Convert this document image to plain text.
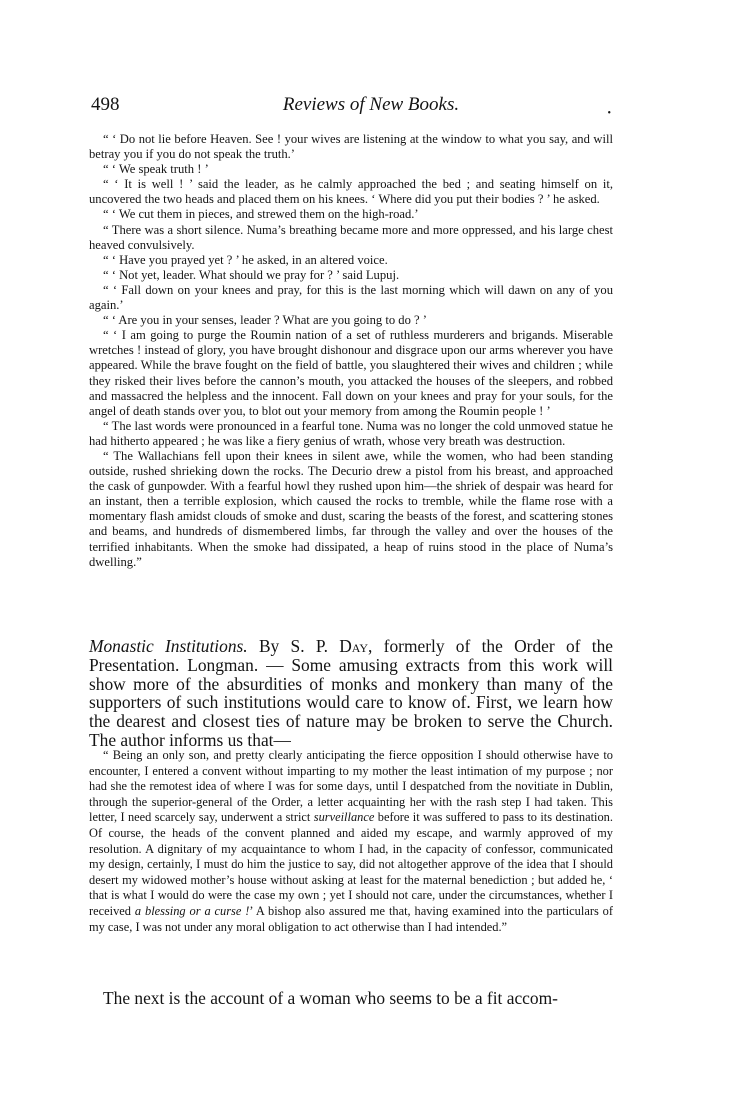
498	Reviews of New Books.	•

“ ‘ Do not lie before Heaven. See ! your wives are listening at the window to what you say, and will betray you if you do not speak the truth.’

“ ‘ We speak truth ! ’

“ ‘ It is well ! ’ said the leader, as he calmly approached the bed ; and seating himself on it, uncovered the two heads and placed them on his knees. ‘ Where did you put their bodies ? ’ he asked.

“ ‘ We cut them in pieces, and strewed them on the high-road.’

“ There was a short silence. Numa’s breathing became more and more oppressed, and his large chest heaved convulsively.

“ ‘ Have you prayed yet ? ’ he asked, in an altered voice.

“ ‘ Not yet, leader. What should we pray for ? ’ said Lupuj.

“ ‘ Fall down on your knees and pray, for this is the last morning which will dawn on any of you again.’

“ ‘ Are you in your senses, leader ? What are you going to do ? ’

“ ‘ I am going to purge the Roumin nation of a set of ruthless murderers and brigands. Miserable wretches ! instead of glory, you have brought dishonour and disgrace upon our arms wherever you have appeared. While the brave fought on the field of battle, you slaughtered their wives and children ; while they risked their lives before the cannon’s mouth, you attacked the houses of the sleepers, and robbed and massacred the helpless and the innocent. Fall down on your knees and pray for your souls, for the angel of death stands over you, to blot out your memory from among the Roumin people ! ’

“ The last words were pronounced in a fearful tone. Numa was no longer the cold unmoved statue he had hitherto appeared ; he was like a fiery genius of wrath, whose very breath was destruction.

“ The Wallachians fell upon their knees in silent awe, while the women, who had been standing outside, rushed shrieking down the rocks. The Decurio drew a pistol from his breast, and approached the cask of gunpowder. With a fearful howl they rushed upon him—the shriek of despair was heard for an instant, then a terrible explosion, which caused the rocks to tremble, while the flame rose with a momentary flash amidst clouds of smoke and dust, scaring the beasts of the forest, and scattering stones and beams, and hundreds of dismembered limbs, far through the valley and over the houses of the terrified inhabitants. When the smoke had dissipated, a heap of ruins stood in the place of Numa’s dwelling.”

Monastic Institutions. By S. P. Day, formerly of the Order of the Presentation. Longman. — Some amusing extracts from this work will show more of the absurdities of monks and monkery than many of the supporters of such institutions would care to know of. First, we learn how the dearest and closest ties of nature may be broken to serve the Church. The author informs us that—

“ Being an only son, and pretty clearly anticipating the fierce opposition I should otherwise have to encounter, I entered a convent without imparting to my mother the least intimation of my purpose ; nor had she the remotest idea of where I was for some days, until I despatched from the novitiate in Dublin, through the superior-general of the Order, a letter acquainting her with the rash step I had taken. This letter, I need scarcely say, underwent a strict surveillance before it was suffered to pass to its destination. Of course, the heads of the convent planned and aided my escape, and warmly approved of my resolution. A dignitary of my acquaintance to whom I had, in the capacity of confessor, communicated my design, certainly, I must do him the justice to say, did not altogether approve of the idea that I should desert my widowed mother’s house without asking at least for the maternal benediction ; but added he, ‘ that is what I would do were the case my own ; yet I should not care, under the circumstances, whether I received a blessing or a curse !’ A bishop also assured me that, having examined into the particulars of my case, I was not under any moral obligation to act otherwise than I had intended.”

The next is the account of a woman who seems to be a fit accom-
